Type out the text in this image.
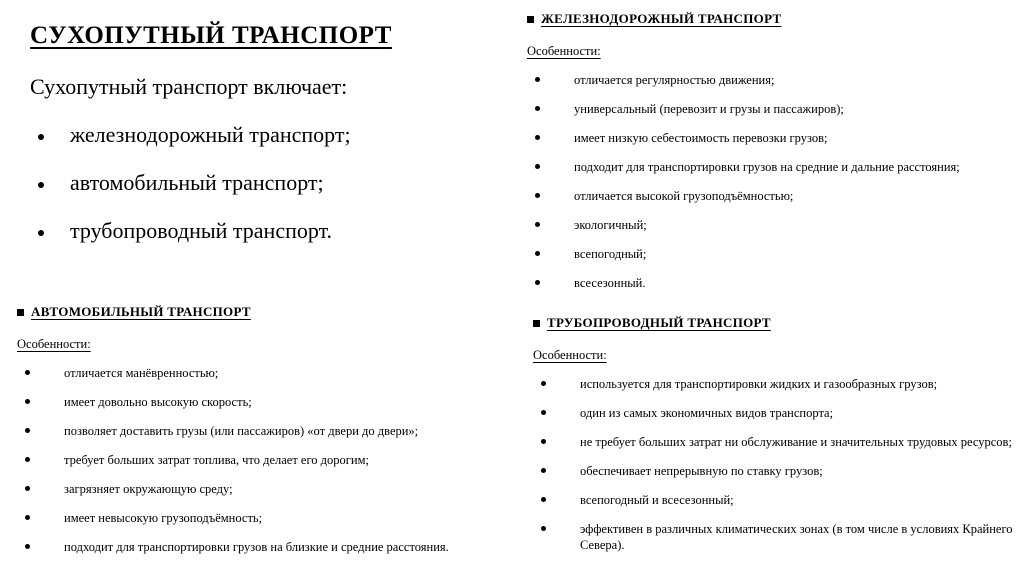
СУХОПУТНЫЙ ТРАНСПОРТ
Сухопутный транспорт включает:
железнодорожный транспорт;
автомобильный транспорт;
трубопроводный транспорт.
ЖЕЛЕЗНОДОРОЖНЫЙ ТРАНСПОРТ
Особенности:
отличается регулярностью движения;
универсальный (перевозит и грузы и пассажиров);
имеет низкую себестоимость перевозки грузов;
подходит для транспортировки грузов на средние и дальние расстояния;
отличается высокой грузоподъёмностью;
экологичный;
всепогодный;
всесезонный.
АВТОМОБИЛЬНЫЙ ТРАНСПОРТ
Особенности:
отличается манёвренностью;
имеет довольно высокую скорость;
позволяет доставить грузы (или пассажиров) «от двери до двери»;
требует больших затрат топлива, что делает его дорогим;
загрязняет окружающую среду;
имеет невысокую грузоподъёмность;
подходит для транспортировки грузов на близкие и средние расстояния.
ТРУБОПРОВОДНЫЙ ТРАНСПОРТ
Особенности:
используется для транспортировки жидких и газообразных грузов;
один из самых экономичных видов транспорта;
не требует больших затрат ни обслуживание и значительных трудовых ресурсов;
обеспечивает непрерывную по ставку грузов;
всепогодный и всесезонный;
эффективен в различных климатических зонах (в том числе в условиях Крайнего Севера).
